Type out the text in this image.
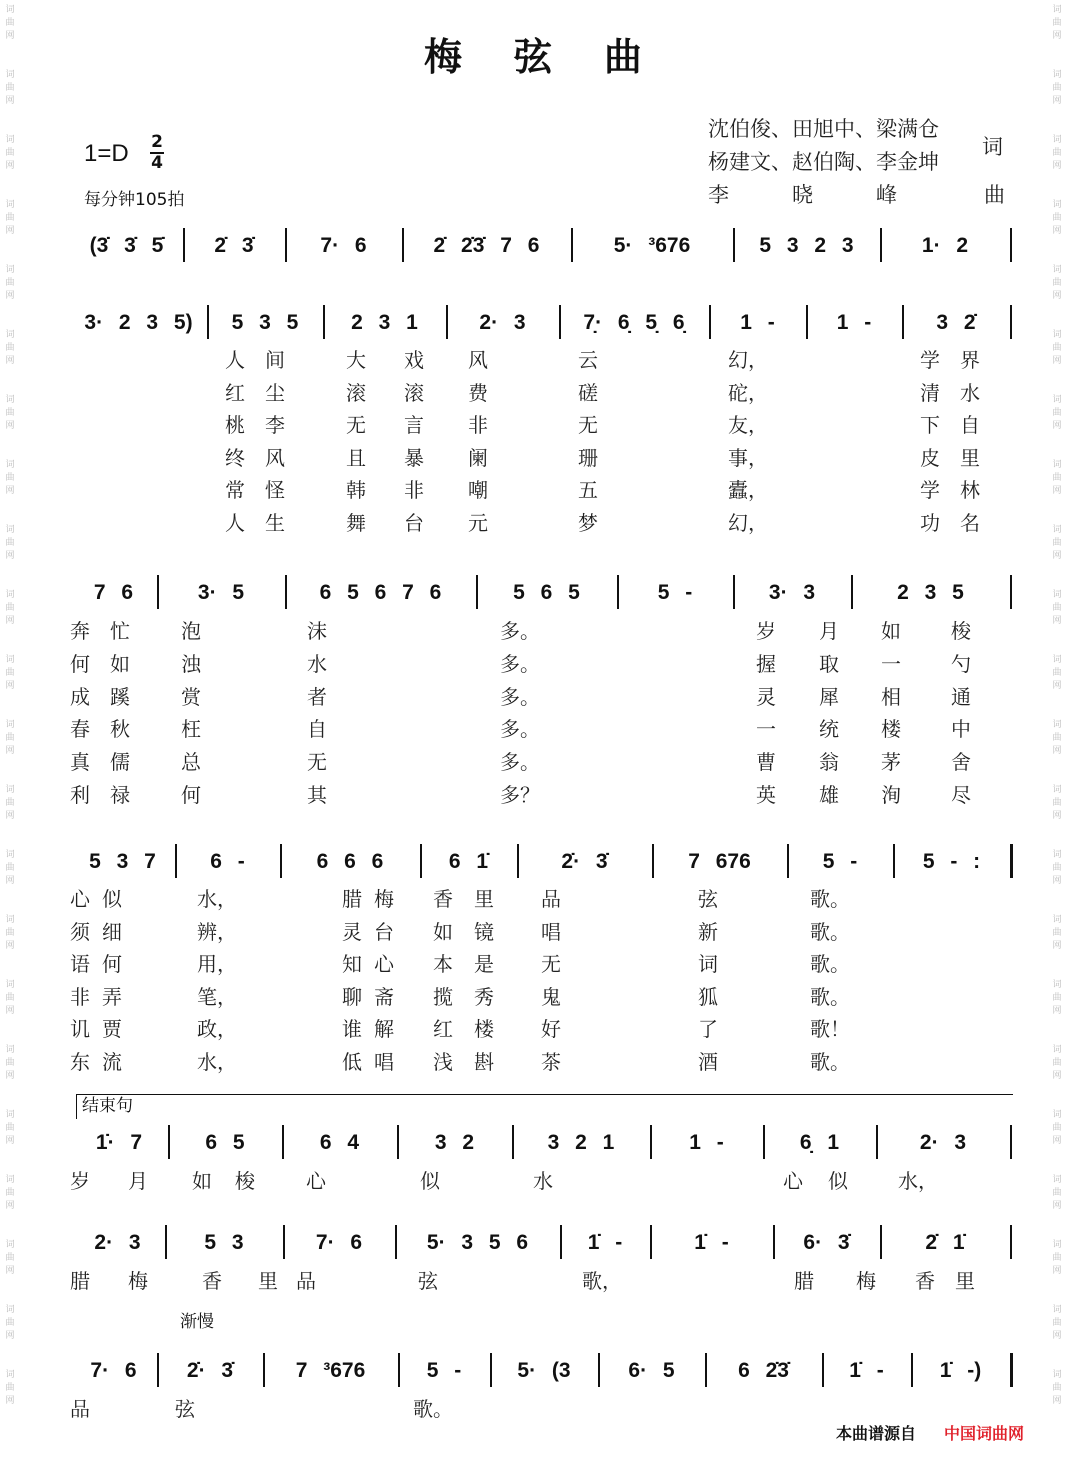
梅弦曲
1=D 2
4
每分钟105拍
沈伯俊、田旭中、梁满仓
杨建文、赵伯陶、李金坤
词
李　　　晓　　　峰	曲
结束句
渐慢
(3̇ 3̇ 5̇	2̇ 3̇	7· 6	2̇ 2̇3̇ 7 6	5· ³676	5 3 2 3	1· 2
3· 2 3 5)	5 3 5	2 3 1	2· 3	7̣· 6̣ 5̣ 6̣	1 -	1 -	3 2̇
7 6	3· 5	6 5 6 7 6	5 6 5	5 -	3· 3	2 3 5
5 3 7	6 -	6 6 6	6 1̇	2̇· 3̇	7 676	5 -	5 - :
1̇· 7	6 5	6 4	3 2	3 2 1	1 -	6̣ 1	2· 3
2· 3	5 3	7· 6	5· 3 5 6	1̇ -	1̇ -	6· 3̇	2̇ 1̇
7· 6	2̇· 3̇	7 ³676	5 -	5· (3	6· 5	6 2̇3̇	1̇ -	1̇ -)
人 间	大 戏 风	云	幻，	学 界
红 尘	滚 滚 费	磋	砣，	清 水
桃 李	无 言 非	无	友，	下 自
终 风	且 暴 阑	珊	事，	皮 里
常 怪	韩 非 嘲	五	蠹，	学 林
人 生	舞 台 元	梦	幻，	功 名
奔 忙	泡	沫	多。	岁 月 如	梭
何 如	浊	水	多。	握 取 一	勺
成 蹊	赏	者	多。	灵 犀 相	通
春 秋	枉	自	多。	一 统 楼	中
真 儒	总	无	多。	曹 翁 茅	舍
利 禄	何	其	多？	英 雄 洵	尽
心 似	水，	腊 梅 香 里 品	弦	歌。
须 细	辨，	灵 台 如 镜 唱	新	歌。
语 何	用，	知 心 本 是 无	词	歌。
非 弄	笔，	聊 斋 揽 秀 鬼	狐	歌。
讥 贾	政，	谁 解 红 楼 好	了	歌！
东 流	水，	低 唱 浅 斟 茶	酒	歌。
岁 月 如 梭	心	似	水	心 似	水，
腊 梅	香 里 品	弦	歌，	腊 梅 香 里
品	弦	歌。
词
曲
网
词
曲
网
词
曲
网
词
曲
网
词
曲
网
词
曲
网
词
曲
网
词
曲
网
词
曲
网
词
曲
网
词
曲
网
词
曲
网
词
曲
网
词
曲
网
词
曲
网
词
曲
网
词
曲
网
词
曲
网
词
曲
网
词
曲
网
词
曲
网
词
曲
网
词
曲
网
词
曲
网
词
曲
网
词
曲
网
词
曲
网
词
曲
网
词
曲
网
词
曲
网
词
曲
网
词
曲
网
词
曲
网
词
曲
网
词
曲
网
词
曲
网
词
曲
网
词
曲
网
词
曲
网
词
曲
网
词
曲
网
词
曲
网
词
曲
网
词
曲
网
本曲谱源自 中国词曲网
